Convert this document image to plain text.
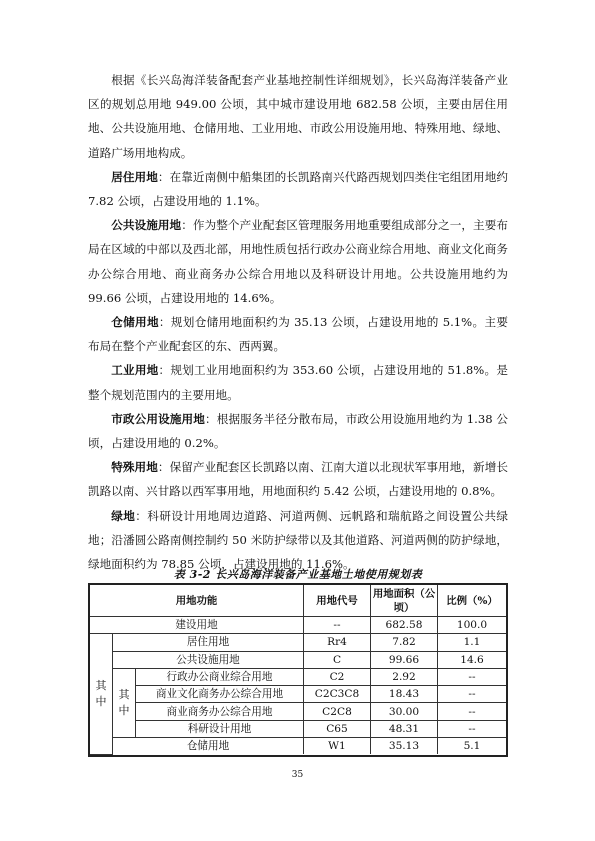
根据《长兴岛海洋装备配套产业基地控制性详细规划》，长兴岛海洋装备产业区的规划总用地 949.00 公顷，其中城市建设用地 682.58 公顷，主要由居住用地、公共设施用地、仓储用地、工业用地、市政公用设施用地、特殊用地、绿地、道路广场用地构成。

居住用地：在靠近南侧中船集团的长凯路南兴代路西规划四类住宅组团用地约 7.82 公顷，占建设用地的 1.1%。

公共设施用地：作为整个产业配套区管理服务用地重要组成部分之一，主要布局在区域的中部以及西北部，用地性质包括行政办公商业综合用地、商业文化商务办公综合用地、商业商务办公综合用地以及科研设计用地。公共设施用地约为 99.66 公顷，占建设用地的 14.6%。

仓储用地：规划仓储用地面积约为 35.13 公顷，占建设用地的 5.1%。主要布局在整个产业配套区的东、西两翼。

工业用地：规划工业用地面积约为 353.60 公顷，占建设用地的 51.8%。是整个规划范围内的主要用地。

市政公用设施用地：根据服务半径分散布局，市政公用设施用地约为 1.38 公顷，占建设用地的 0.2%。

特殊用地：保留产业配套区长凯路以南、江南大道以北现状军事用地，新增长凯路以南、兴甘路以西军事用地，用地面积约 5.42 公顷，占建设用地的 0.8%。

绿地：科研设计用地周边道路、河道两侧、远帆路和瑞航路之间设置公共绿地；沿潘圆公路南侧控制约 50 米防护绿带以及其他道路、河道两侧的防护绿地，绿地面积约为 78.85 公顷，占建设用地的 11.6%。

表 3-2 长兴岛海洋装备产业基地土地使用规划表
用地功能			用地代号	用地面积（公顷）	比例（%）
建设用地			--	682.58	100.0
其中	居住用地		Rr4	7.82	1.1
	公共设施用地		C	99.66	14.6
	其中	行政办公商业综合用地	C2	2.92	--
		商业文化商务办公综合用地	C2C3C8	18.43	--
		商业商务办公综合用地	C2C8	30.00	--
		科研设计用地	C65	48.31	--
	仓储用地		W1	35.13	5.1
35
